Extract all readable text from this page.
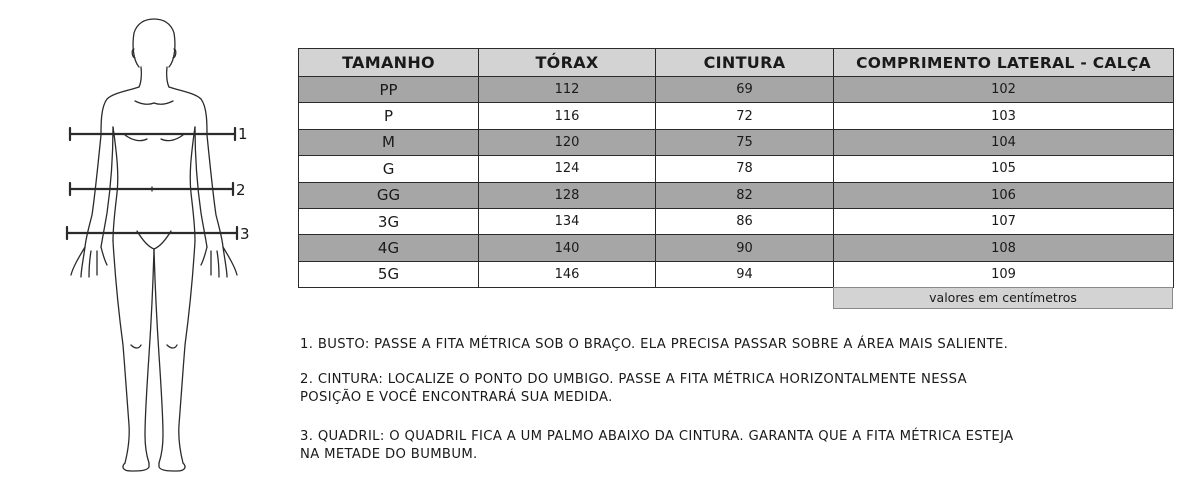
1
2
3
TAMANHO	TÓRAX	CINTURA	COMPRIMENTO LATERAL - CALÇA
PP	112	69	102
P	116	72	103
M	120	75	104
G	124	78	105
GG	128	82	106
3G	134	86	107
4G	140	90	108
5G	146	94	109
valores em centímetros
1. BUSTO: PASSE A FITA MÉTRICA SOB O BRAÇO. ELA PRECISA PASSAR SOBRE A ÁREA MAIS SALIENTE.
2. CINTURA: LOCALIZE O PONTO DO UMBIGO. PASSE A FITA MÉTRICA HORIZONTALMENTE NESSA
POSIÇÃO E VOCÊ ENCONTRARÁ SUA MEDIDA.
3. QUADRIL: O QUADRIL FICA A UM PALMO ABAIXO DA CINTURA. GARANTA QUE A FITA MÉTRICA ESTEJA
NA METADE DO BUMBUM.
